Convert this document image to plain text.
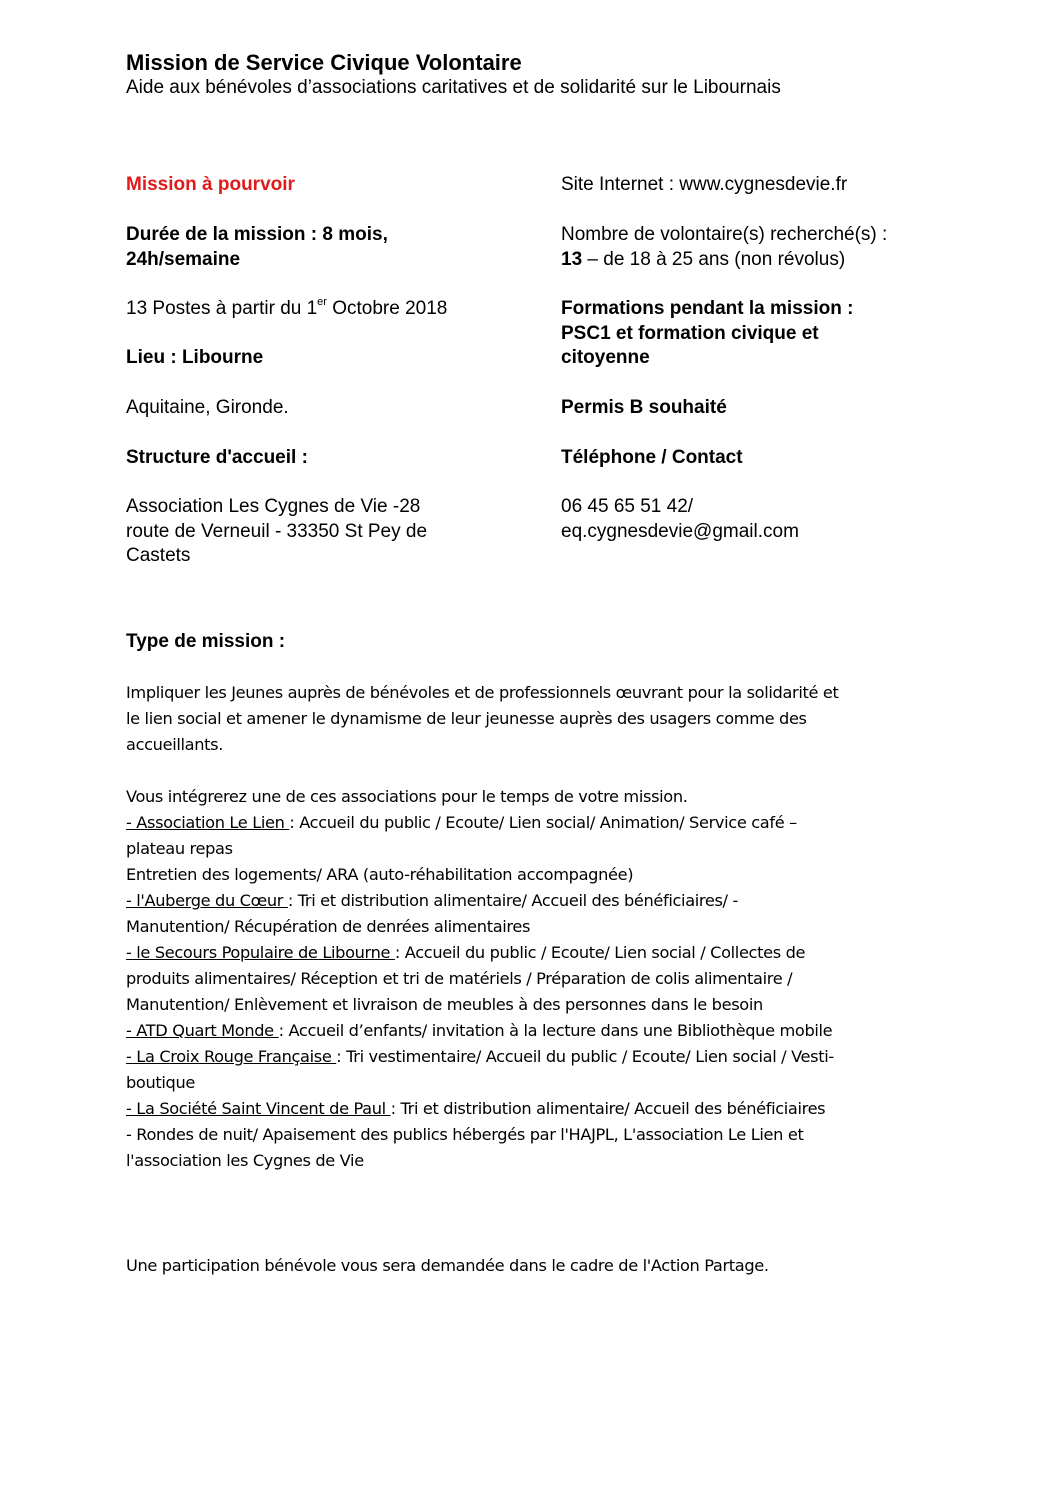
Mission de Service Civique Volontaire
Aide aux bénévoles d’associations caritatives et de solidarité sur le Libournais
Mission à pourvoir
Durée de la mission : 8 mois,
24h/semaine
13 Postes à partir du 1er Octobre 2018
Lieu : Libourne
Aquitaine, Gironde.
Structure d'accueil :
Association Les Cygnes de Vie -28
route de Verneuil - 33350 St Pey de
Castets
Site Internet : www.cygnesdevie.fr
Nombre de volontaire(s) recherché(s) :
13 – de 18 à 25 ans (non révolus)
Formations pendant la mission :
PSC1 et formation civique et
citoyenne
Permis B souhaité
Téléphone / Contact
06 45 65 51 42/
eq.cygnesdevie@gmail.com
Type de mission :
Impliquer les Jeunes auprès de bénévoles et de professionnels œuvrant pour la solidarité et
le lien social et amener le dynamisme de leur jeunesse auprès des usagers comme des
accueillants.
Vous intégrerez une de ces associations pour le temps de votre mission.
- Association Le Lien : Accueil du public / Ecoute/ Lien social/ Animation/ Service café –
plateau repas
Entretien des logements/ ARA (auto-réhabilitation accompagnée)
- l'Auberge du Cœur : Tri et distribution alimentaire/ Accueil des bénéficiaires/ -
Manutention/ Récupération de denrées alimentaires
- le Secours Populaire de Libourne : Accueil du public / Ecoute/ Lien social / Collectes de
produits alimentaires/ Réception et tri de matériels / Préparation de colis alimentaire /
Manutention/ Enlèvement et livraison de meubles à des personnes dans le besoin
- ATD Quart Monde : Accueil d’enfants/ invitation à la lecture dans une Bibliothèque mobile
- La Croix Rouge Française : Tri vestimentaire/ Accueil du public / Ecoute/ Lien social / Vesti-
boutique
- La Société Saint Vincent de Paul : Tri et distribution alimentaire/ Accueil des bénéficiaires
- Rondes de nuit/ Apaisement des publics hébergés par l'HAJPL, L'association Le Lien et
l'association les Cygnes de Vie
Une participation bénévole vous sera demandée dans le cadre de l'Action Partage.
